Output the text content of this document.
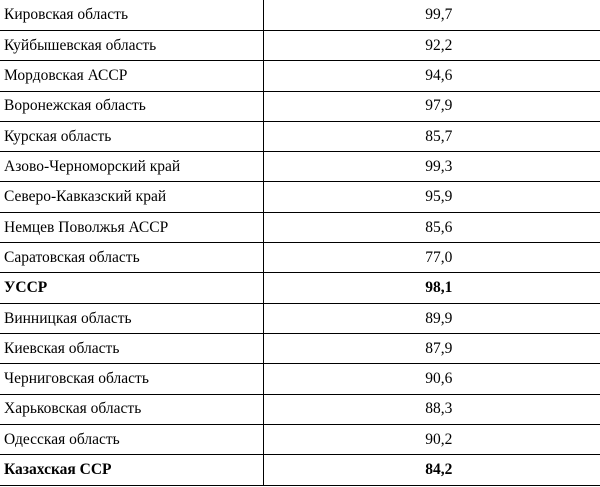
Кировская область	99,7
Куйбышевская область	92,2
Мордовская АССР	94,6
Воронежская область	97,9
Курская область	85,7
Азово-Черноморский край	99,3
Северо-Кавказский край	95,9
Немцев Поволжья АССР	85,6
Саратовская область	77,0
УССР	98,1
Винницкая область	89,9
Киевская область	87,9
Черниговская область	90,6
Харьковская область	88,3
Одесская область	90,2
Казахская ССР	84,2
